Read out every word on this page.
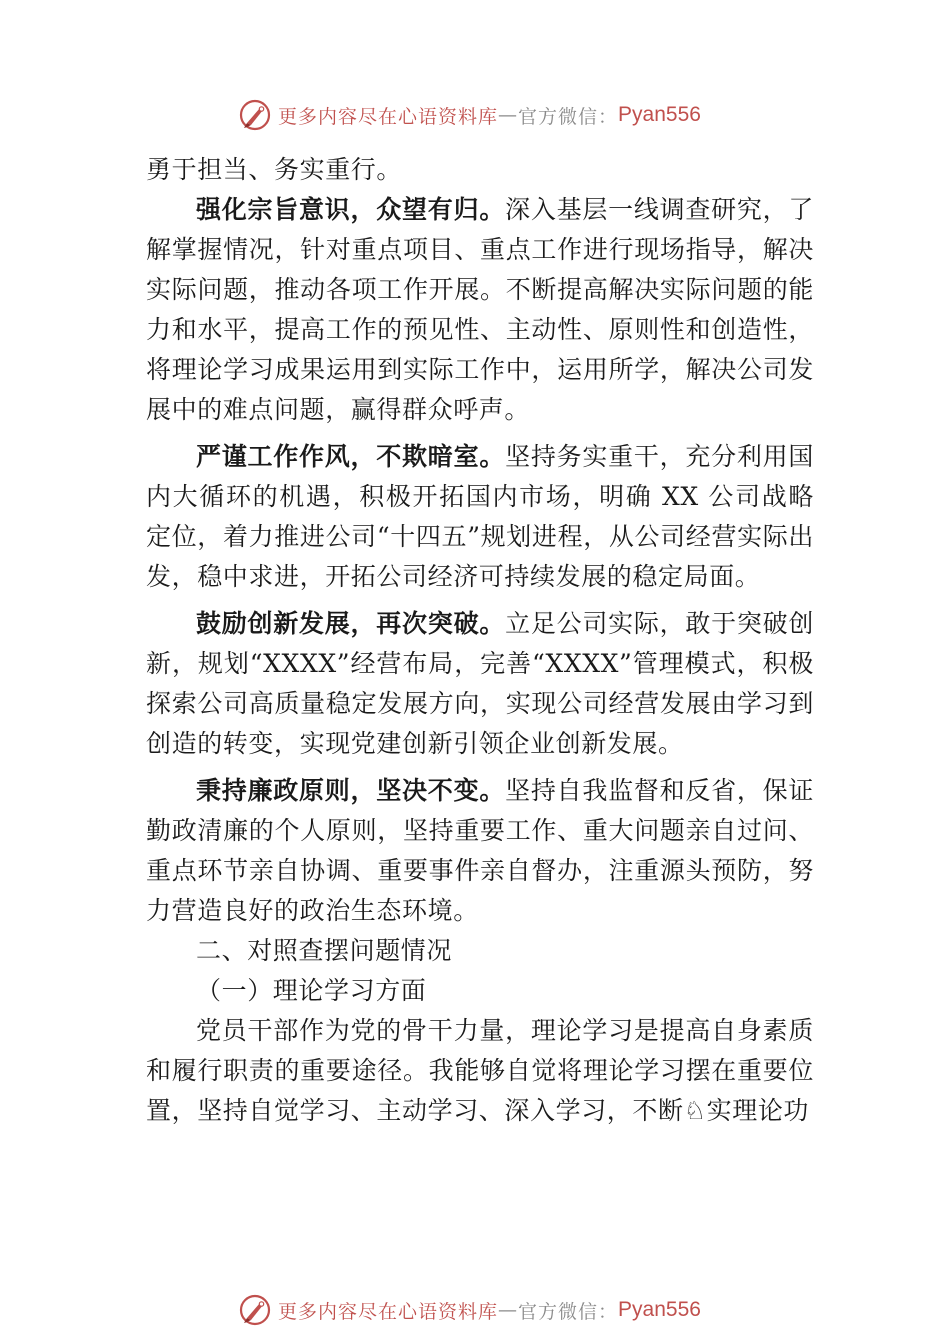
更多内容尽在心语资料库 — 官方微信： Pyan556

勇于担当、务实重行。

强化宗旨意识，众望有归。深入基层一线调查研究，了解掌握情况，针对重点项目、重点工作进行现场指导，解决实际问题，推动各项工作开展。不断提高解决实际问题的能力和水平，提高工作的预见性、主动性、原则性和创造性， 将理论学习成果运用到实际工作中，运用所学，解决公司发展中的难点问题，赢得群众呼声。

严谨工作作风，不欺暗室。坚持务实重干，充分利用国内大循环的机遇，积极开拓国内市场，明确 XX 公司战略定位，着力推进公司“十四五”规划进程，从公司经营实际出发，稳中求进，开拓公司经济可持续发展的稳定局面。

鼓励创新发展，再次突破。立足公司实际，敢于突破创新，规划“XXXX”经营布局，完善“XXXX”管理模式，积极探索公司高质量稳定发展方向，实现公司经营发展由学习到创造的转变，实现党建创新引领企业创新发展。

秉持廉政原则，坚决不变。坚持自我监督和反省，保证勤政清廉的个人原则，坚持重要工作、重大问题亲自过问、 重点环节亲自协调、重要事件亲自督办，注重源头预防，努力营造良好的政治生态环境。

二、对照查摆问题情况

（一）理论学习方面

党员干部作为党的骨干力量，理论学习是提高自身素质和履行职责的重要途径。我能够自觉将理论学习摆在重要位置，坚持自觉学习、主动学习、深入学习，不断♘实理论功

更多内容尽在心语资料库 — 官方微信： Pyan556
